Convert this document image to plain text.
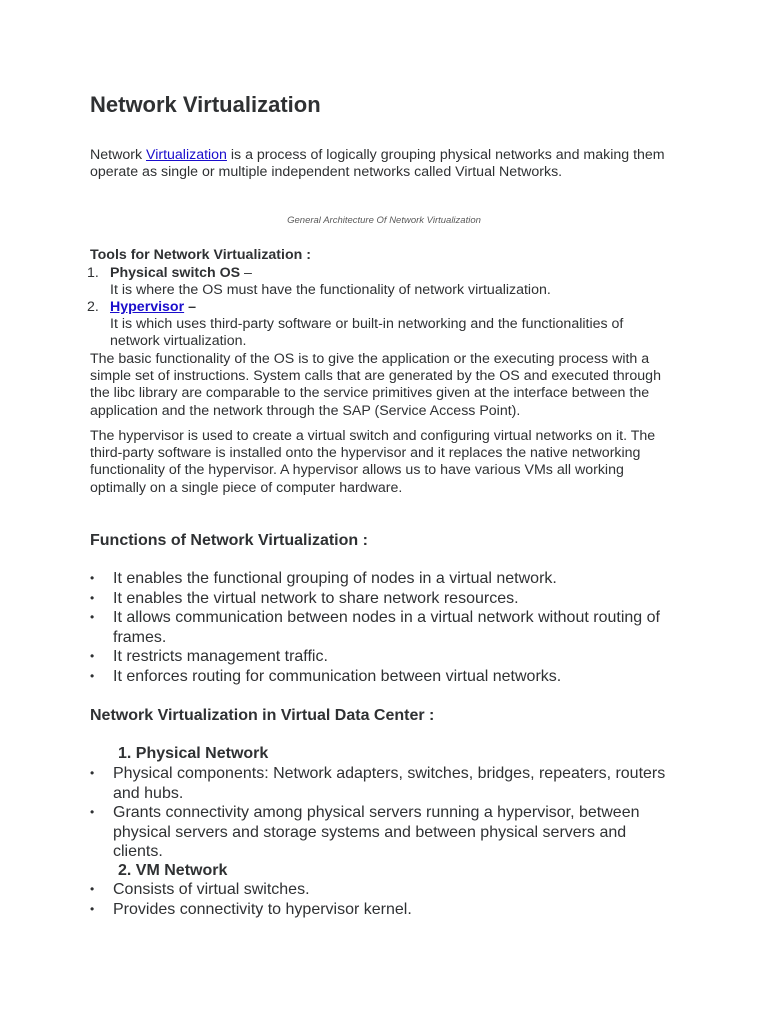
Network Virtualization

Network Virtualization is a process of logically grouping physical networks and making them operate as single or multiple independent networks called Virtual Networks.

General Architecture Of Network Virtualization

Tools for Network Virtualization :

1. Physical switch OS –
It is where the OS must have the functionality of network virtualization.
2. Hypervisor –
It is which uses third-party software or built-in networking and the functionalities of network virtualization.

The basic functionality of the OS is to give the application or the executing process with a simple set of instructions. System calls that are generated by the OS and executed through the libc library are comparable to the service primitives given at the interface between the application and the network through the SAP (Service Access Point).

The hypervisor is used to create a virtual switch and configuring virtual networks on it. The third-party software is installed onto the hypervisor and it replaces the native networking functionality of the hypervisor. A hypervisor allows us to have various VMs all working optimally on a single piece of computer hardware.

Functions of Network Virtualization :
• It enables the functional grouping of nodes in a virtual network.
• It enables the virtual network to share network resources.
• It allows communication between nodes in a virtual network without routing of frames.
• It restricts management traffic.
• It enforces routing for communication between virtual networks.
Network Virtualization in Virtual Data Center :

1. Physical Network

• Physical components: Network adapters, switches, bridges, repeaters, routers and hubs.
• Grants connectivity among physical servers running a hypervisor, between physical servers and storage systems and between physical servers and clients.

2. VM Network

• Consists of virtual switches.
• Provides connectivity to hypervisor kernel.
